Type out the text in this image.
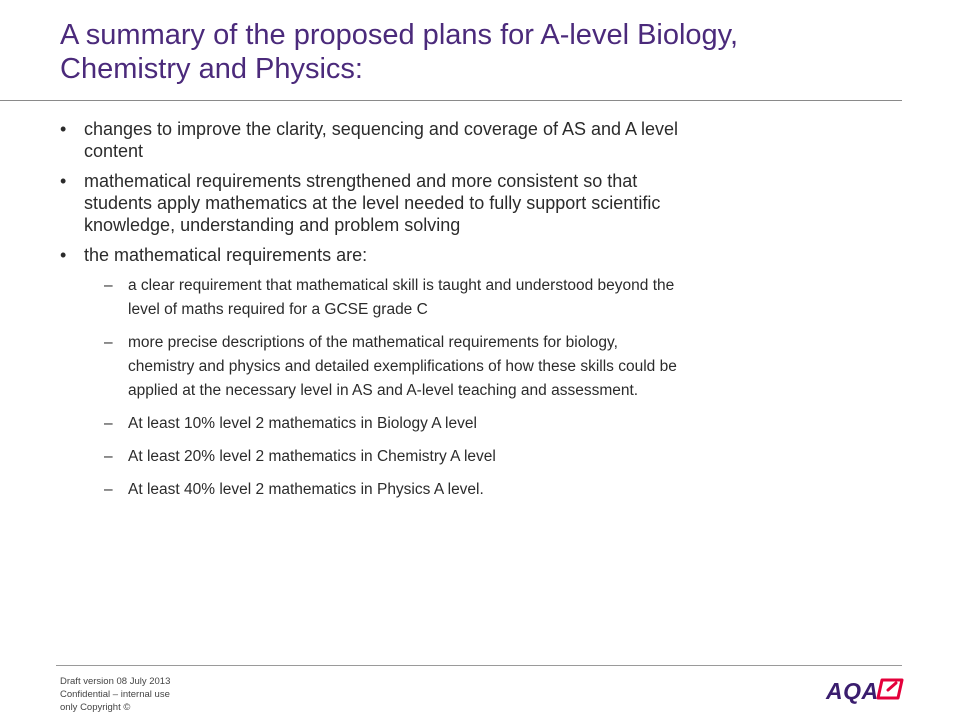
A summary of the proposed plans for A-level Biology,
Chemistry and Physics:
• changes to improve the clarity, sequencing and coverage of AS and A level
content
• mathematical requirements strengthened and more consistent so that
students apply mathematics at the level needed to fully support scientific
knowledge, understanding and problem solving
• the mathematical requirements are:
– a clear requirement that mathematical skill is taught and understood beyond the
level of maths required for a GCSE grade C
– more precise descriptions of the mathematical requirements for biology,
chemistry and physics and detailed exemplifications of how these skills could be
applied at the necessary level in AS and A-level teaching and assessment.
– At least 10% level 2 mathematics in Biology A level
– At least 20% level 2 mathematics in Chemistry A level
– At least 40% level 2 mathematics in Physics A level.
Draft version 08 July 2013
Confidential – internal use
only Copyright ©
AQA
